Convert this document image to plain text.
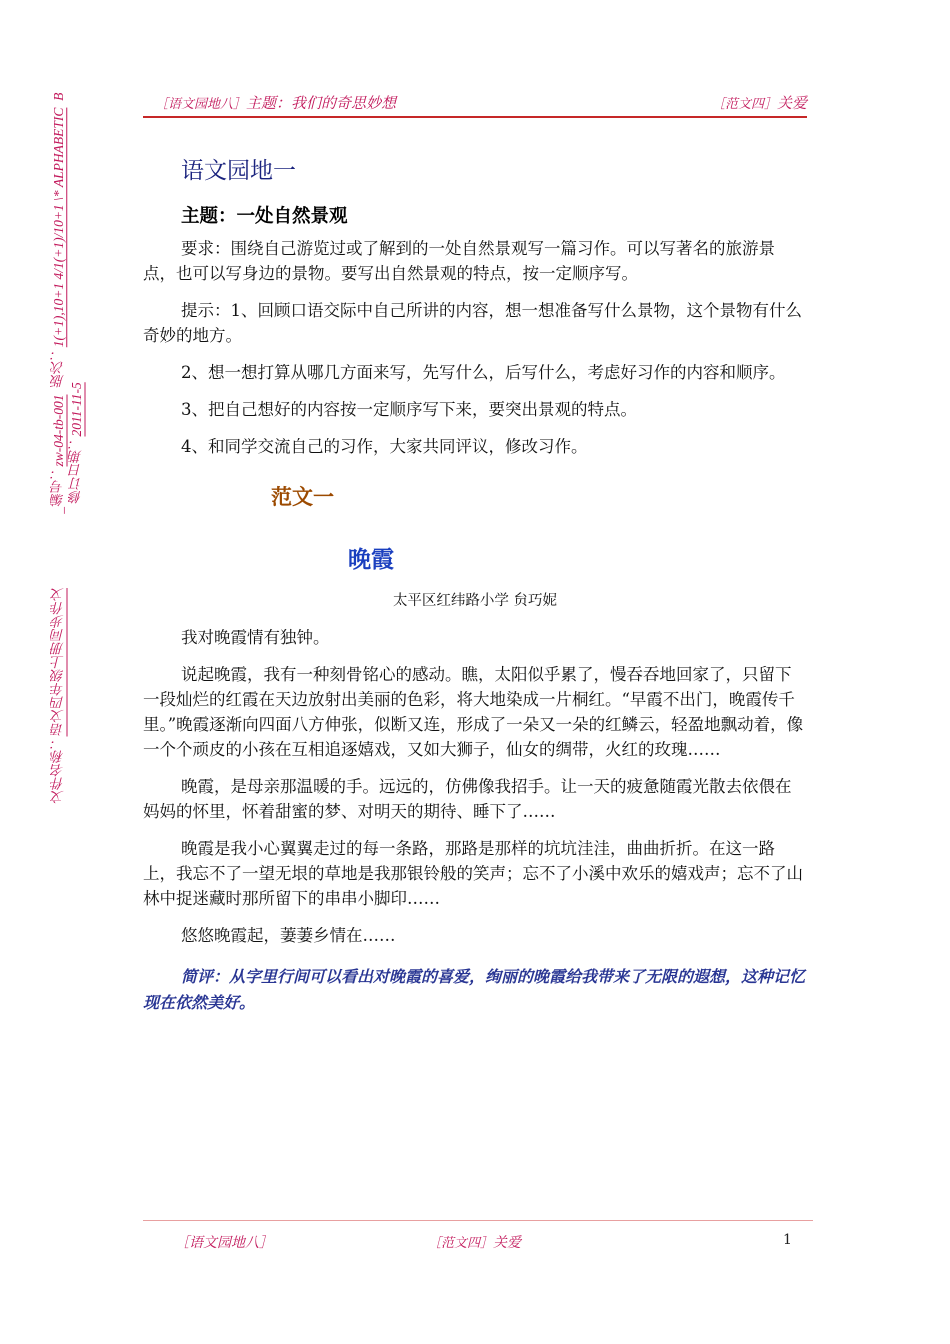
文件名称：语文四年级上册同步作文                      _编号：zw-04-tb-001  版次：1(+1),10+1 4/1(+1)/10+1 \* ALPHABETIC  B
修订日期：2011-11-5
［语文园地八］主题：我们的奇思妙想	［范文四］关爱
语文园地一
主题：一处自然景观

要求：围绕自己游览过或了解到的一处自然景观写一篇习作。可以写著名的旅游景点，也可以写身边的景物。要写出自然景观的特点，按一定顺序写。

提示：1、回顾口语交际中自己所讲的内容，想一想准备写什么景物，这个景物有什么奇妙的地方。

2、想一想打算从哪几方面来写，先写什么，后写什么，考虑好习作的内容和顺序。

3、把自己想好的内容按一定顺序写下来，要突出景观的特点。

4、和同学交流自己的习作，大家共同评议，修改习作。

范文一
晚霞
太平区红纬路小学 贠巧妮

我对晚霞情有独钟。

说起晚霞，我有一种刻骨铭心的感动。瞧，太阳似乎累了，慢吞吞地回家了，只留下一段灿烂的红霞在天边放射出美丽的色彩，将大地染成一片桐红。“早霞不出门，晚霞传千里。”晚霞逐渐向四面八方伸张，似断又连，形成了一朵又一朵的红鳞云，轻盈地飘动着，像一个个顽皮的小孩在互相追逐嬉戏，又如大狮子，仙女的绸带，火红的玫瑰……

晚霞，是母亲那温暖的手。远远的，仿佛像我招手。让一天的疲惫随霞光散去依偎在妈妈的怀里，怀着甜蜜的梦、对明天的期待、睡下了……

晚霞是我小心翼翼走过的每一条路，那路是那样的坑坑洼洼，曲曲折折。在这一路上，我忘不了一望无垠的草地是我那银铃般的笑声；忘不了小溪中欢乐的嬉戏声；忘不了山林中捉迷藏时那所留下的串串小脚印……

悠悠晚霞起，萋萋乡情在……

简评：从字里行间可以看出对晚霞的喜爱，绚丽的晚霞给我带来了无限的遐想，这种记忆现在依然美好。

［语文园地八］	［范文四］关爱	1
